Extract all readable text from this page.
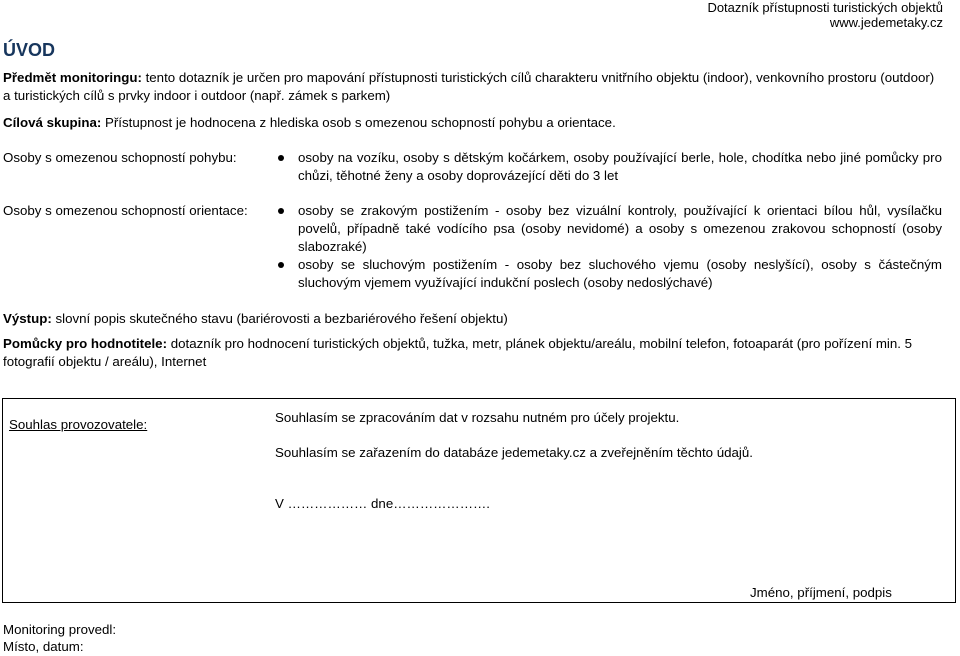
Dotazník přístupnosti turistických objektů
www.jedemetaky.cz
ÚVOD
Předmět monitoringu: tento dotazník je určen pro mapování přístupnosti turistických cílů charakteru vnitřního objektu (indoor), venkovního prostoru (outdoor) a turistických cílů s prvky indoor i outdoor (např. zámek s parkem)
Cílová skupina: Přístupnost je hodnocena z hlediska osob s omezenou schopností pohybu a orientace.
Osoby s omezenou schopností pohybu:	osoby na vozíku, osoby s dětským kočárkem, osoby používající berle, hole, chodítka nebo jiné pomůcky pro chůzi, těhotné ženy a osoby doprovázející děti do 3 let

Osoby s omezenou schopností orientace:	osoby se zrakovým postižením - osoby bez vizuální kontroly, používající k orientaci bílou hůl, vysílačku povelů, případně také vodícího psa (osoby nevidomé) a osoby s omezenou zrakovou schopností (osoby slabozraké)

osoby se sluchovým postižením - osoby bez sluchového vjemu (osoby neslyšící), osoby s částečným sluchovým vjemem využívající indukční poslech (osoby nedoslýchavé)

Výstup: slovní popis skutečného stavu (bariérovosti a bezbariérového řešení objektu)
Pomůcky pro hodnotitele: dotazník pro hodnocení turistických objektů, tužka, metr, plánek objektu/areálu, mobilní telefon, fotoaparát (pro pořízení min. 5 fotografií objektu / areálu), Internet
Souhlas provozovatele:	Souhlasím se zpracováním dat v rozsahu nutném pro účely projektu.
Souhlasím se zařazením do databáze jedemetaky.cz a zveřejněním těchto údajů.
V ……………… dne………………….
Jméno, příjmení, podpis
Monitoring provedl:
Místo, datum:
